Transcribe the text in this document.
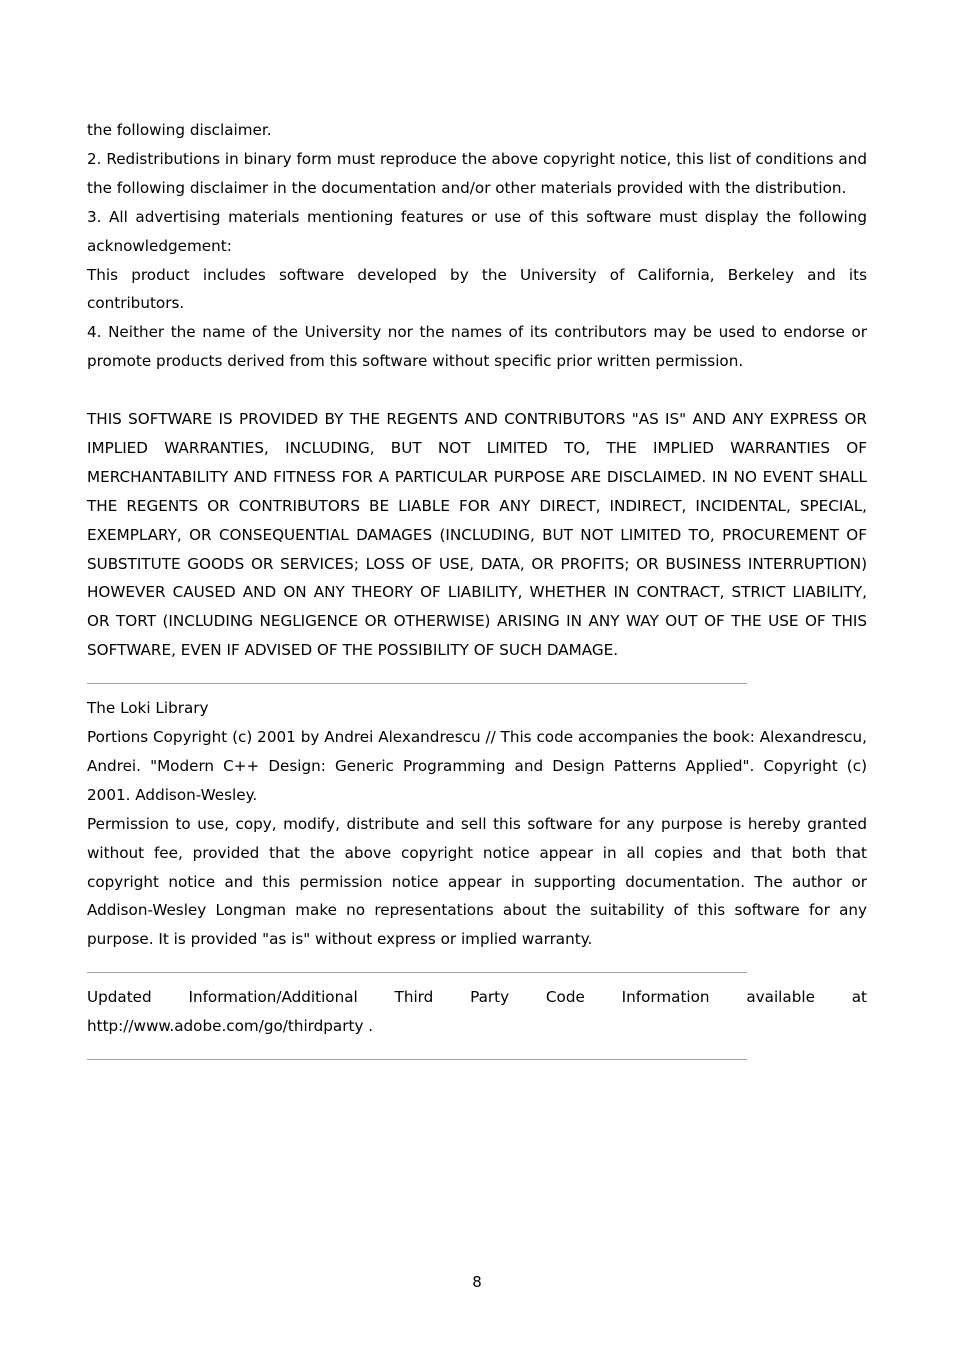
the following disclaimer.

2. Redistributions in binary form must reproduce the above copyright notice, this list of conditions and the following disclaimer in the documentation and/or other materials provided with the distribution.

3. All advertising materials mentioning features or use of this software must display the following acknowledgement:

This product includes software developed by the University of California, Berkeley and its contributors.

4. Neither the name of the University nor the names of its contributors may be used to endorse or promote products derived from this software without specific prior written permission.

THIS SOFTWARE IS PROVIDED BY THE REGENTS AND CONTRIBUTORS "AS IS" AND ANY EXPRESS OR IMPLIED WARRANTIES, INCLUDING, BUT NOT LIMITED TO, THE IMPLIED WARRANTIES OF MERCHANTABILITY AND FITNESS FOR A PARTICULAR PURPOSE ARE DISCLAIMED. IN NO EVENT SHALL THE REGENTS OR CONTRIBUTORS BE LIABLE FOR ANY DIRECT, INDIRECT, INCIDENTAL, SPECIAL, EXEMPLARY, OR CONSEQUENTIAL DAMAGES (INCLUDING, BUT NOT LIMITED TO, PROCUREMENT OF SUBSTITUTE GOODS OR SERVICES; LOSS OF USE, DATA, OR PROFITS; OR BUSINESS INTERRUPTION) HOWEVER CAUSED AND ON ANY THEORY OF LIABILITY, WHETHER IN CONTRACT, STRICT LIABILITY, OR TORT (INCLUDING NEGLIGENCE OR OTHERWISE) ARISING IN ANY WAY OUT OF THE USE OF THIS SOFTWARE, EVEN IF ADVISED OF THE POSSIBILITY OF SUCH DAMAGE.

______________________________________________________________________________________________________________

The Loki Library

Portions Copyright (c) 2001 by Andrei Alexandrescu // This code accompanies the book: Alexandrescu, Andrei. "Modern C++ Design: Generic Programming and Design Patterns Applied". Copyright (c) 2001. Addison-Wesley.

Permission to use, copy, modify, distribute and sell this software for any purpose is hereby granted without fee, provided that the above copyright notice appear in all copies and that both that copyright notice and this permission notice appear in supporting documentation. The author or Addison-Wesley Longman make no representations about the suitability of this software for any purpose. It is provided "as is" without express or implied warranty.

______________________________________________________________________________________________________________

Updated Information/Additional Third Party Code Information available at http://www.adobe.com/go/thirdparty .

______________________________________________________________________________________________________________

8
